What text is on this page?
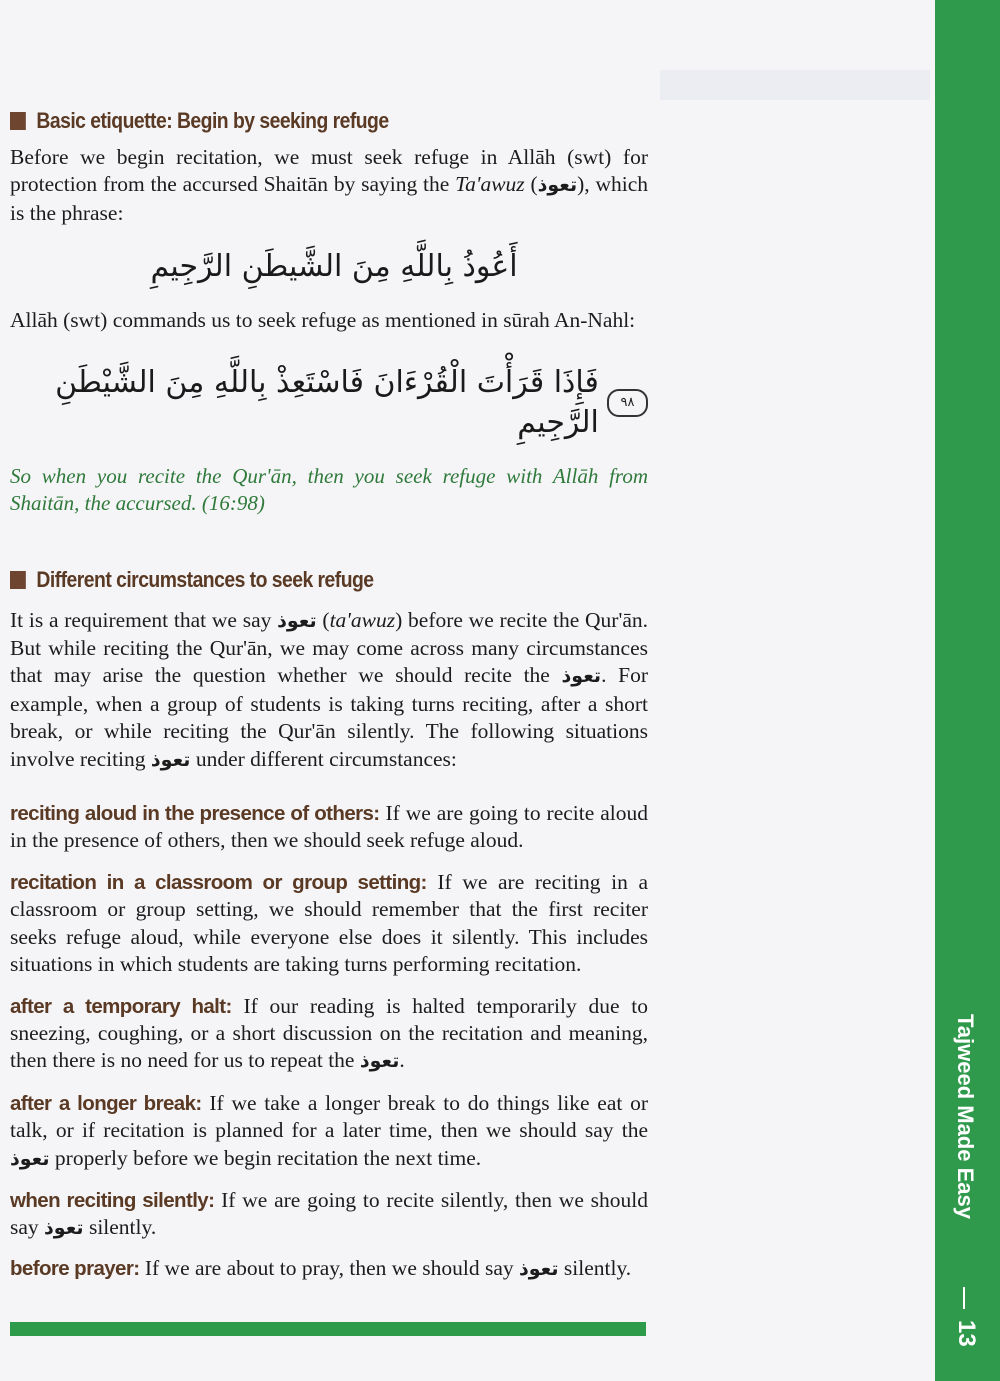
Basic etiquette: Begin by seeking refuge

Before we begin recitation, we must seek refuge in Allāh (swt) for protection from the accursed Shaitān by saying the Ta'awuz (تعوذ), which is the phrase:

أَعُوذُ بِاللَّهِ مِنَ الشَّيطَنِ الرَّجِيمِ

Allāh (swt) commands us to seek refuge as mentioned in sūrah An-Nahl:

فَإِذَا قَرَأْتَ الْقُرْءَانَ فَاسْتَعِذْ بِاللَّهِ مِنَ الشَّيْطَنِ الرَّجِيمِ
٩٨

So when you recite the Qur'ān, then you seek refuge with Allāh from Shaitān, the accursed. (16:98)

Different circumstances to seek refuge

It is a requirement that we say تعوذ (ta'awuz) before we recite the Qur'ān. But while reciting the Qur'ān, we may come across many circumstances that may arise the question whether we should recite the تعوذ. For example, when a group of students is taking turns reciting, after a short break, or while reciting the Qur'ān silently. The following situations involve reciting تعوذ under different circumstances:

reciting aloud in the presence of others: If we are going to recite aloud in the presence of others, then we should seek refuge aloud.

recitation in a classroom or group setting: If we are reciting in a classroom or group setting, we should remember that the first reciter seeks refuge aloud, while everyone else does it silently. This includes situations in which students are taking turns performing recitation.

after a temporary halt: If our reading is halted temporarily due to sneezing, coughing, or a short discussion on the recitation and meaning, then there is no need for us to repeat the تعوذ.

after a longer break: If we take a longer break to do things like eat or talk, or if recitation is planned for a later time, then we should say the تعوذ properly before we begin recitation the next time.

when reciting silently: If we are going to recite silently, then we should say تعوذ silently.

before prayer: If we are about to pray, then we should say تعوذ silently.

Tajweed Made Easy
13
